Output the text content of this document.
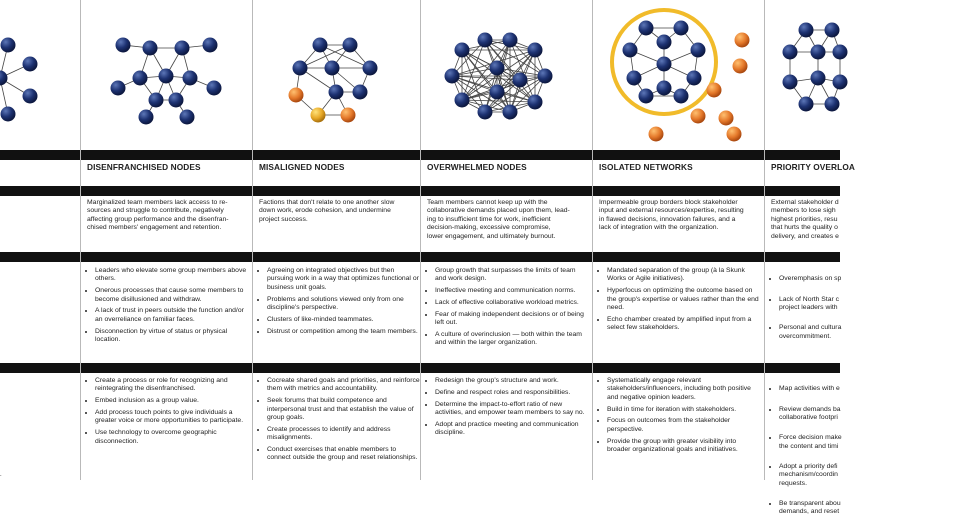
•
•
•

•

•

•

•

•

DISENFRANCHISED NODES
Marginalized team members lack access to re-
sources and struggle to contribute, negatively
affecting group performance and the disenfran-
chised members' engagement and retention.
• Leaders who elevate some group members above others.
• Onerous processes that cause some members to become disillusioned and withdraw.
• A lack of trust in peers outside the function and/or an overreliance on familiar faces.
• Disconnection by virtue of status or physical location.
• Create a process or role for recognizing and reintegrating the disenfranchised.
• Embed inclusion as a group value.
• Add process touch points to give individuals a greater voice or more opportunities to participate.
• Use technology to overcome geographic disconnection.
MISALIGNED NODES
Factions that don't relate to one another slow
down work, erode cohesion, and undermine
project success.
• Agreeing on integrated objectives but then pursuing work in a way that optimizes functional or business unit goals.
• Problems and solutions viewed only from one discipline's perspective.
• Clusters of like-minded teammates.
• Distrust or competition among the team members.
• Cocreate shared goals and priorities, and reinforce them with metrics and accountability.
• Seek forums that build competence and interpersonal trust and that establish the value of group goals.
• Create processes to identify and address misalignments.
• Conduct exercises that enable members to connect outside the group and reset relationships.
OVERWHELMED NODES
Team members cannot keep up with the
collaborative demands placed upon them, lead-
ing to insufficient time for work, inefficient
decision-making, excessive compromise,
lower engagement, and ultimately burnout.
• Group growth that surpasses the limits of team and work design.
• Ineffective meeting and communication norms.
• Lack of effective collaborative workload metrics.
• Fear of making independent decisions or of being left out.
• A culture of overinclusion — both within the team and within the larger organization.
• Redesign the group's structure and work.
• Define and respect roles and responsibilities.
• Determine the impact-to-effort ratio of new activities, and empower team members to say no.
• Adopt and practice meeting and communication discipline.
ISOLATED NETWORKS
Impermeable group borders block stakeholder
input and external resources/expertise, resulting
in flawed decisions, innovation failures, and a
lack of integration with the organization.
• Mandated separation of the group (à la Skunk Works or Agile initiatives).
• Hyperfocus on optimizing the outcome based on the group's expertise or values rather than the end need.
• Echo chamber created by amplified input from a select few stakeholders.
• Systematically engage relevant stakeholders/influencers, including both positive and negative opinion leaders.
• Build in time for iteration with stakeholders.
• Focus on outcomes from the stakeholder perspective.
• Provide the group with greater visibility into broader organizational goals and initiatives.
PRIORITY OVERLOA
External stakeholder d
members to lose sigh
highest priorities, resu
that hurts the quality o
delivery, and creates e

• Overemphasis on sp

• Lack of North Star c
project leaders with

• Personal and cultura
overcommitment.

• Map activities with e

• Review demands ba
collaborative footpri

• Force decision make
the content and timi

• Adopt a priority defi
mechanism/coordin
requests.

• Be transparent abou
demands, and reset
